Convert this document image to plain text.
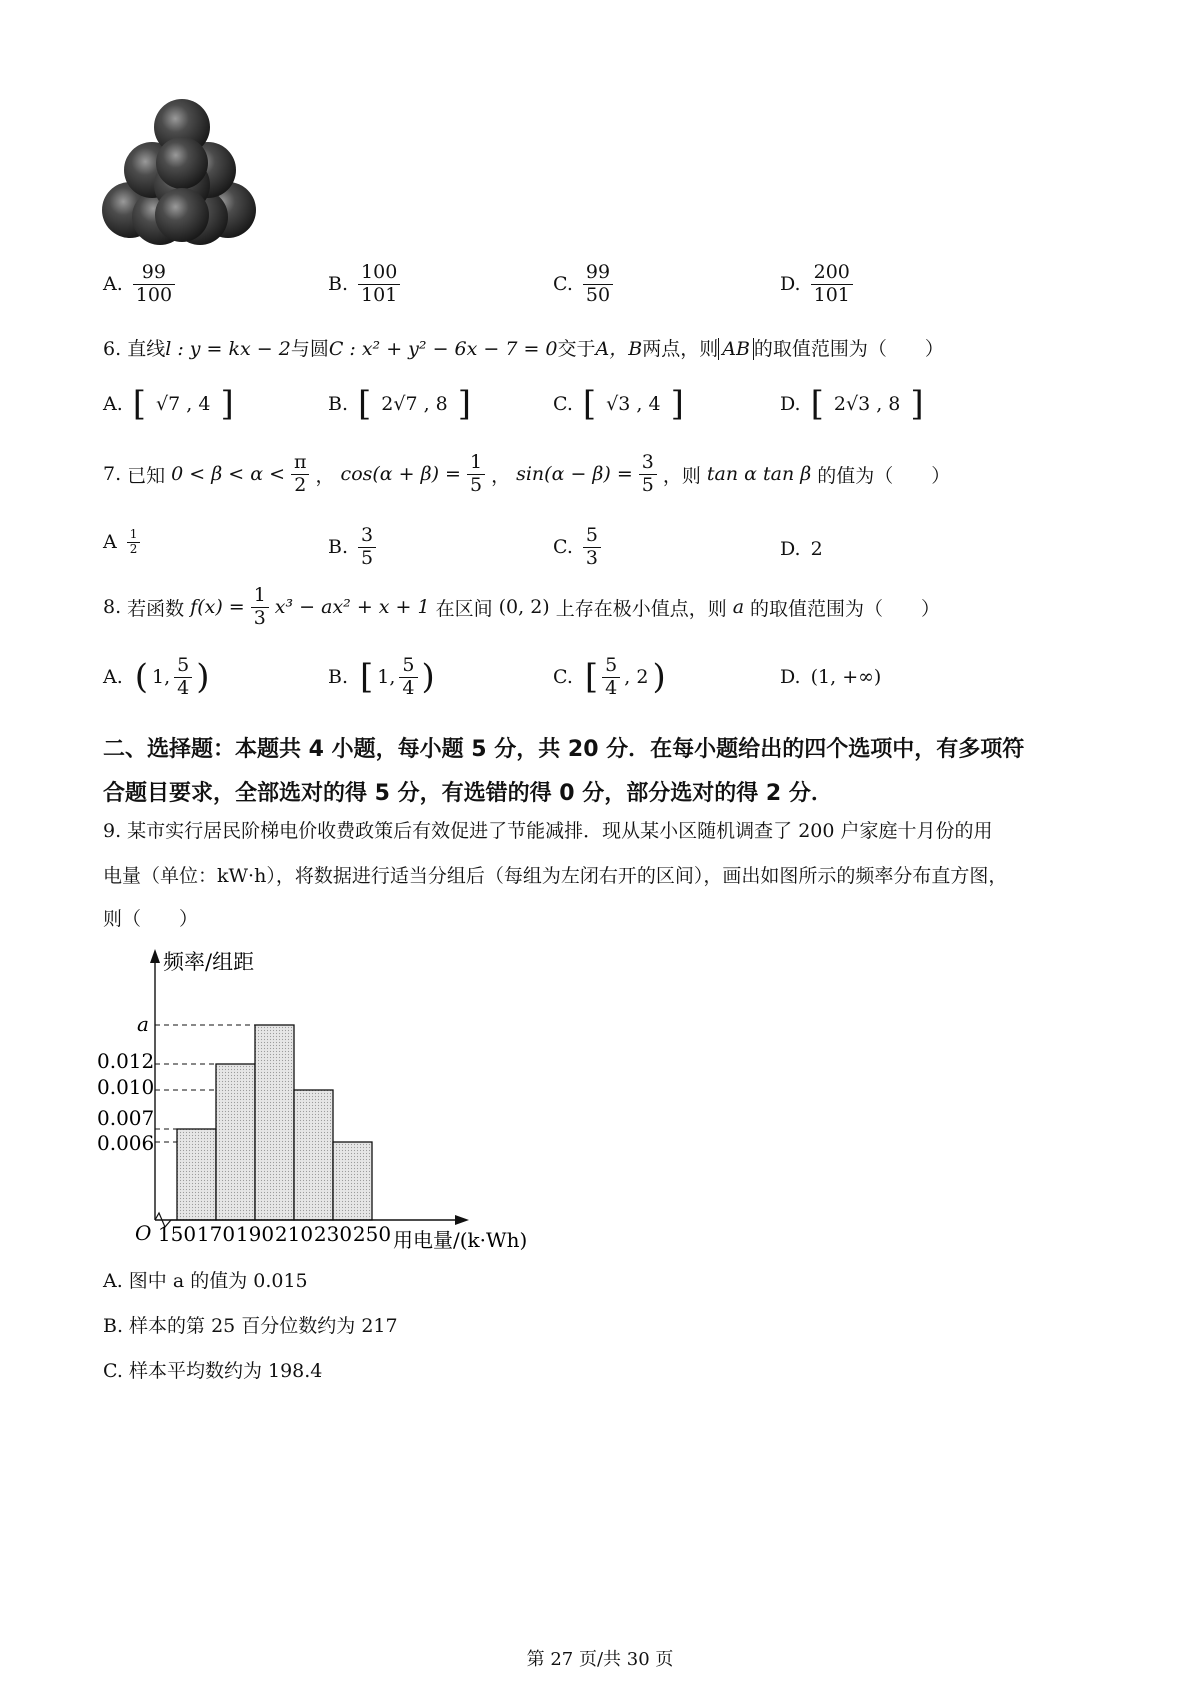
A. $\frac{99}{100}$	B. $\frac{100}{101}$	C. $\frac{99}{50}$	D. $\frac{200}{101}$
6. 直线l : y = kx − 2与圆C : x² + y² − 6x − 7 = 0交于A，B两点，则 AB 的取值范围为（　　）
A. [ √7 , 4 ]	B. [ 2√7 , 8 ]	C. [ √3 , 4 ]	D. [ 2√3 , 8 ]
7. 已知 $0 < \beta < \alpha < \frac{\pi}{2}$ ， $\cos(\alpha + \beta) = \frac{1}{5}$ ， $\sin(\alpha - \beta) = \frac{3}{5}$ ，则 tan α tan β 的值为（　　）
A $\frac{1}{2}$	B. $\frac{3}{5}$	C. $\frac{5}{3}$	D. 2
8. 若函数 $f(x) = \frac{1}{3} x^3 - ax^2 + x + 1$ 在区间 (0, 2) 上存在极小值点，则 a 的取值范围为（　　）
A. ( 1, $\frac{5}{4}$ )	B. [ 1, $\frac{5}{4}$ )	C. [ $\frac{5}{4}$ , 2 )	D. (1, +∞)
二、选择题：本题共 4 小题，每小题 5 分，共 20 分．在每小题给出的四个选项中，有多项符
合题目要求，全部选对的得 5 分，有选错的得 0 分，部分选对的得 2 分．
9. 某市实行居民阶梯电价收费政策后有效促进了节能减排．现从某小区随机调查了 200 户家庭十月份的用
电量（单位：kW·h），将数据进行适当分组后（每组为左闭右开的区间），画出如图所示的频率分布直方图，
则（　　）
频率/组距
O	用电量/(k·Wh)
0.006
0.007
0.010
0.012
a
150 170 190 210 230 250
A. 图中 a 的值为 0.015
B. 样本的第 25 百分位数约为 217
C. 样本平均数约为 198.4
第 27 页/共 30 页
